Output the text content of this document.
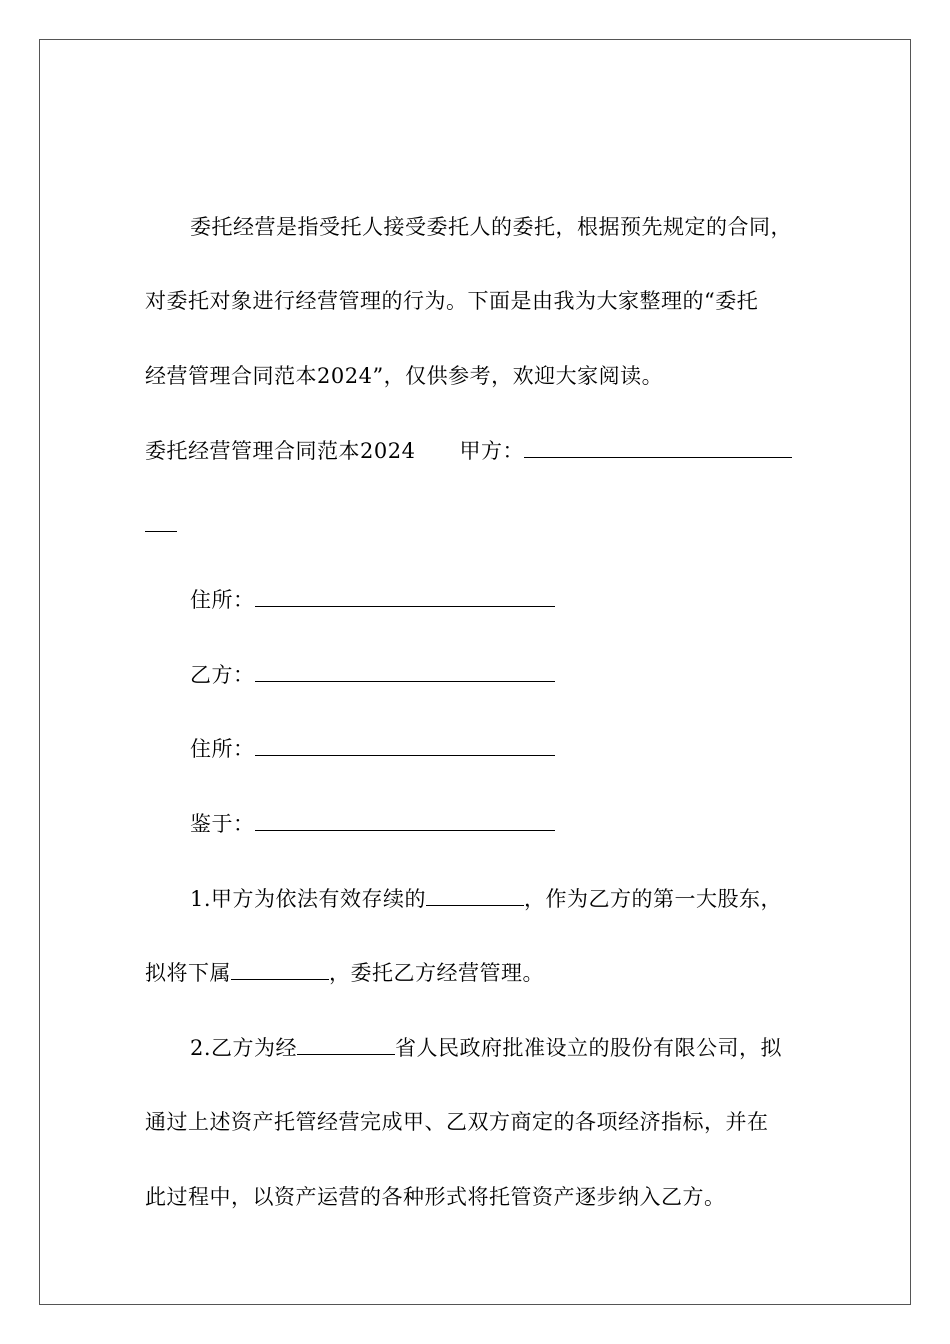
委托经营是指受托人接受委托人的委托，根据预先规定的合同，
对委托对象进行经营管理的行为。下面是由我为大家整理的“委托
经营管理合同范本2024”，仅供参考，欢迎大家阅读。
委托经营管理合同范本2024 甲方：
住所：
乙方：
住所：
鉴于：
1.甲方为依法有效存续的	，作为乙方的第一大股东，
拟将下属	，委托乙方经营管理。
2.乙方为经	省人民政府批准设立的股份有限公司，拟
通过上述资产托管经营完成甲、乙双方商定的各项经济指标，并在
此过程中，以资产运营的各种形式将托管资产逐步纳入乙方。
